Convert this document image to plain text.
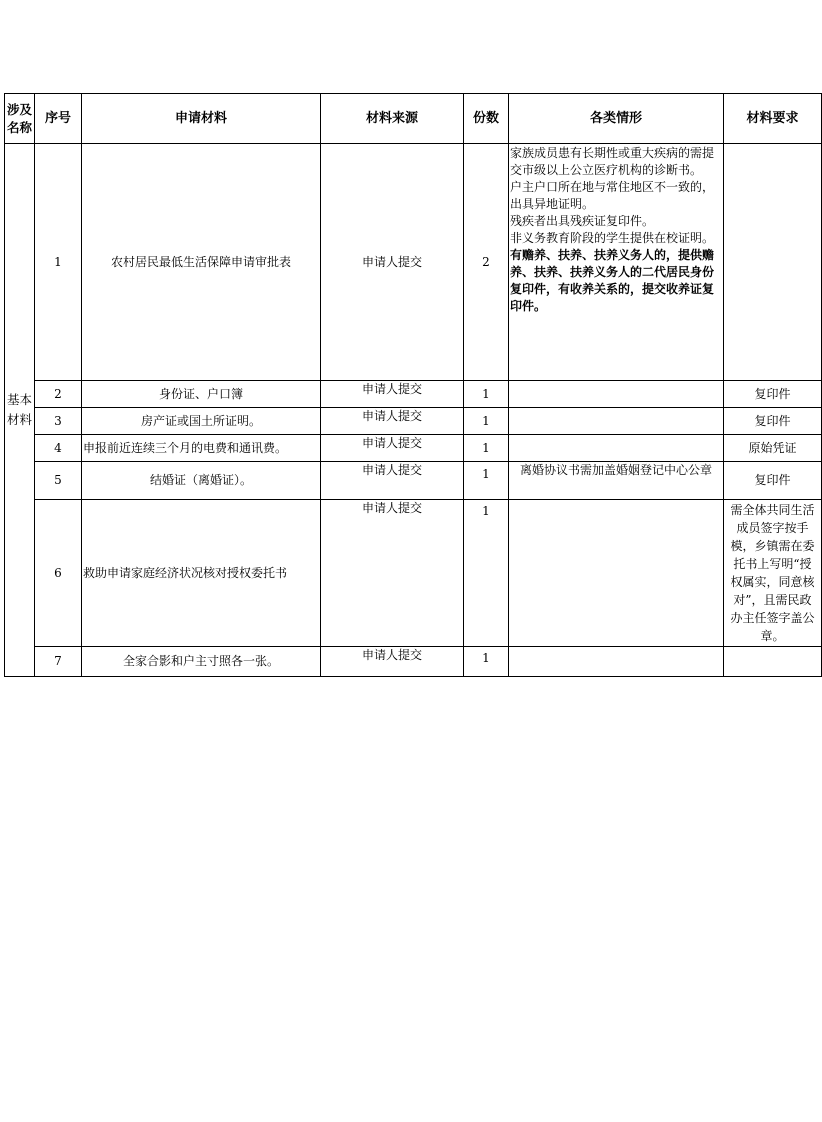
涉及名称	序号	申请材料	材料来源	份数	各类情形	材料要求
基本材料	1	农村居民最低生活保障申请审批表	申请人提交	2	家族成员患有长期性或重大疾病的需提交市级以上公立医疗机构的诊断书。
户主户口所在地与常住地区不一致的，出具异地证明。
残疾者出具残疾证复印件。
非义务教育阶段的学生提供在校证明。
有赡养、扶养、扶养义务人的，提供赡养、扶养、扶养义务人的二代居民身份复印件，有收养关系的，提交收养证复印件。	

	2	身份证、户口簿	申请人提交	1		复印件
	3	房产证或国土所证明。	申请人提交	1		复印件
	4	申报前近连续三个月的电费和通讯费。	申请人提交	1		原始凭证
	5	结婚证（离婚证）。	申请人提交	1	离婚协议书需加盖婚姻登记中心公章	复印件
	6	救助申请家庭经济状况核对授权委托书	申请人提交	1		需全体共同生活成员签字按手模，乡镇需在委托书上写明“授权属实，同意核对”，且需民政办主任签字盖公章。
	7	全家合影和户主寸照各一张。	申请人提交	1		
